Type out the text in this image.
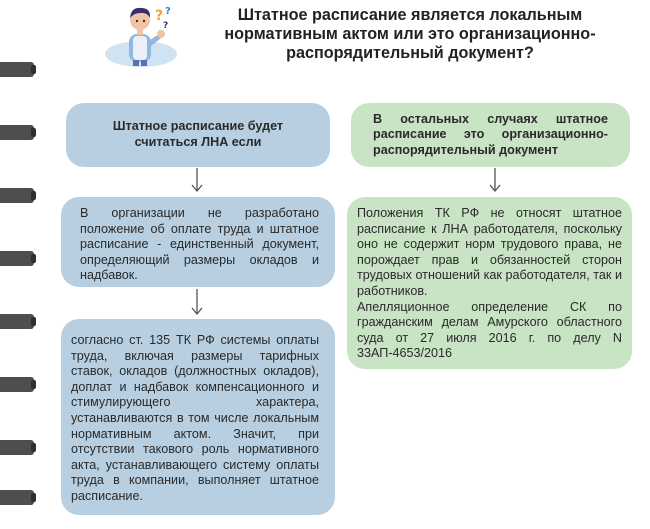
? ?
?
Штатное расписание является локальным нормативным актом или это организационно-распорядительный документ?
Штатное расписание будет считаться ЛНА если
В остальных случаях штатное расписание это организационно-распорядительный документ

В организации не разработано положение об оплате труда и штатное расписание - единственный документ, определяющий размеры окладов и надбавок.

согласно ст. 135 ТК РФ системы оплаты труда, включая размеры тарифных ставок, окладов (должностных окладов), доплат и надбавок компенсационного и стимулирующего характера, устанавливаются в том числе локальным нормативным актом. Значит, при отсутствии такового роль нормативного акта, устанавливающего систему оплаты труда в компании, выполняет штатное расписание.

Положения ТК РФ не относят штатное расписание к ЛНА работодателя, поскольку оно не содержит норм трудового права, не порождает прав и обязанностей сторон трудовых отношений как работодателя, так и работников.

Апелляционное определение СК по гражданским делам Амурского областного суда от 27 июля 2016 г. по делу N 33АП-4653/2016
